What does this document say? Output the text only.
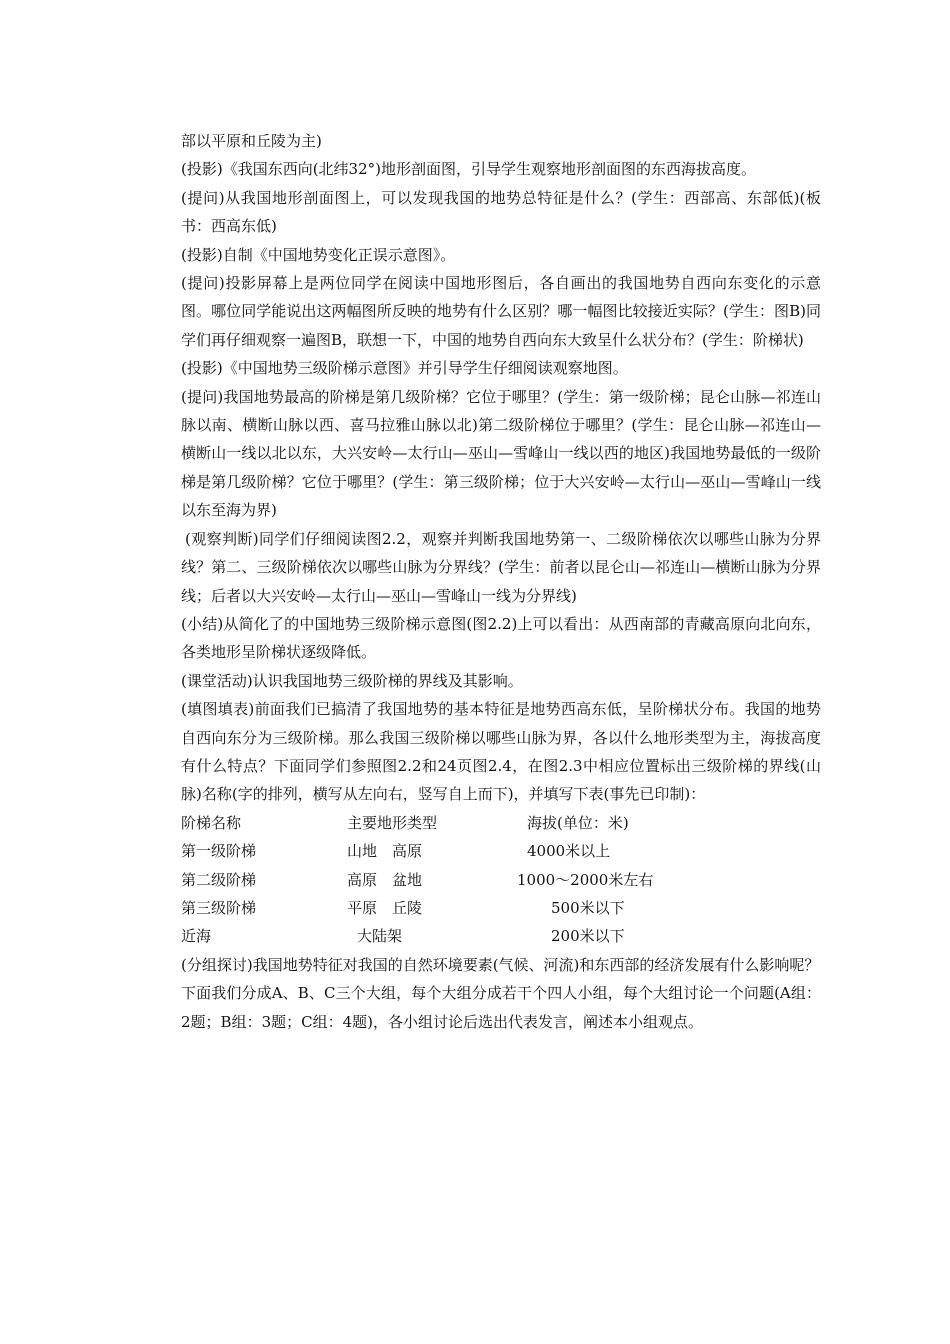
部以平原和丘陵为主)

(投影)《我国东西向(北纬32°)地形剖面图，引导学生观察地形剖面图的东西海拔高度。

(提问)从我国地形剖面图上，可以发现我国的地势总特征是什么？(学生：西部高、东部低)(板书：西高东低)

(投影)自制《中国地势变化正误示意图》。

(提问)投影屏幕上是两位同学在阅读中国地形图后，各自画出的我国地势自西向东变化的示意图。哪位同学能说出这两幅图所反映的地势有什么区别？哪一幅图比较接近实际？(学生：图B)同学们再仔细观察一遍图B，联想一下，中国的地势自西向东大致呈什么状分布？(学生：阶梯状)

(投影)《中国地势三级阶梯示意图》并引导学生仔细阅读观察地图。

(提问)我国地势最高的阶梯是第几级阶梯？它位于哪里？(学生：第一级阶梯；昆仑山脉—祁连山脉以南、横断山脉以西、喜马拉雅山脉以北)第二级阶梯位于哪里？(学生：昆仑山脉—祁连山—横断山一线以北以东，大兴安岭—太行山—巫山—雪峰山一线以西的地区)我国地势最低的一级阶梯是第几级阶梯？它位于哪里？(学生：第三级阶梯；位于大兴安岭—太行山—巫山—雪峰山一线以东至海为界)

(观察判断)同学们仔细阅读图2.2，观察并判断我国地势第一、二级阶梯依次以哪些山脉为分界线？第二、三级阶梯依次以哪些山脉为分界线？(学生：前者以昆仑山—祁连山—横断山脉为分界线；后者以大兴安岭—太行山—巫山—雪峰山一线为分界线)

(小结)从简化了的中国地势三级阶梯示意图(图2.2)上可以看出：从西南部的青藏高原向北向东，各类地形呈阶梯状逐级降低。

(课堂活动)认识我国地势三级阶梯的界线及其影响。

(填图填表)前面我们已搞清了我国地势的基本特征是地势西高东低，呈阶梯状分布。我国的地势自西向东分为三级阶梯。那么我国三级阶梯以哪些山脉为界，各以什么地形类型为主，海拔高度有什么特点？下面同学们参照图2.2和24页图2.4，在图2.3中相应位置标出三级阶梯的界线(山脉)名称(字的排列，横写从左向右，竖写自上而下)，并填写下表(事先已印制)：

阶梯名称	主要地形类型	海拔(单位：米)
第一级阶梯	山地　高原	4000米以上
第二级阶梯	高原　盆地	1000～2000米左右
第三级阶梯	平原　丘陵	500米以下
近海	大陆架	200米以下

(分组探讨)我国地势特征对我国的自然环境要素(气候、河流)和东西部的经济发展有什么影响呢？

下面我们分成A、B、C三个大组，每个大组分成若干个四人小组，每个大组讨论一个问题(A组：2题；B组：3题；C组：4题)，各小组讨论后选出代表发言，阐述本小组观点。
